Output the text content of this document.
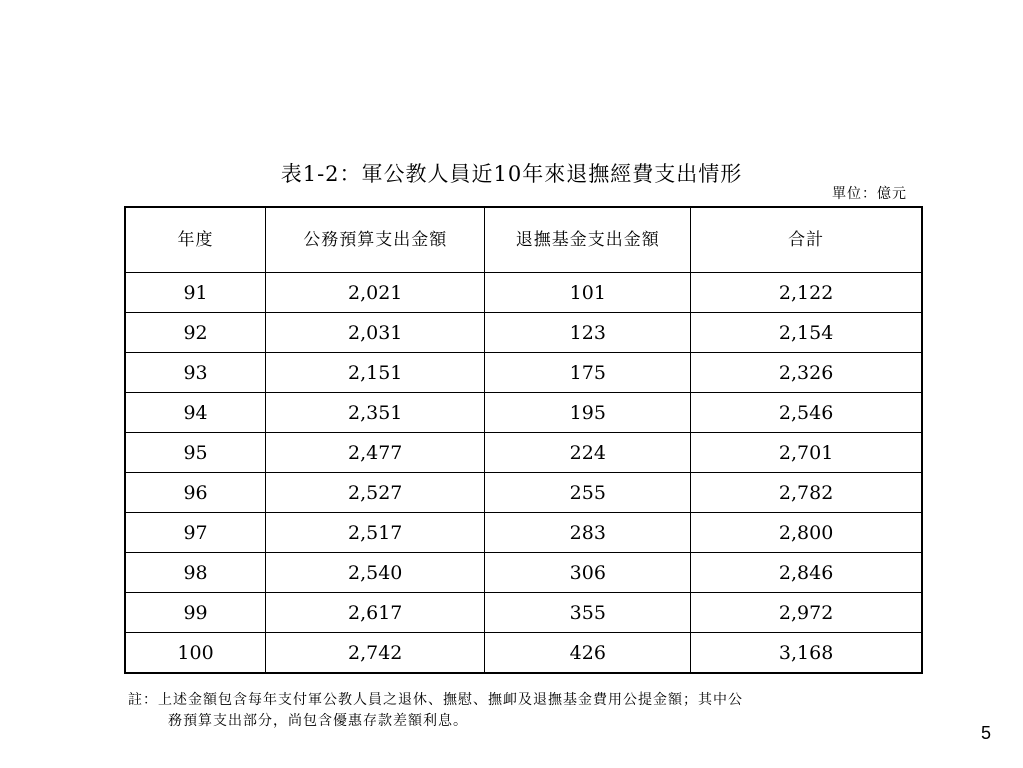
表1-2：軍公教人員近10年來退撫經費支出情形
單位：億元
年度	公務預算支出金額	退撫基金支出金額	合計
91	2,021	101	2,122
92	2,031	123	2,154
93	2,151	175	2,326
94	2,351	195	2,546
95	2,477	224	2,701
96	2,527	255	2,782
97	2,517	283	2,800
98	2,540	306	2,846
99	2,617	355	2,972
100	2,742	426	3,168
註：上述金額包含每年支付軍公教人員之退休、撫慰、撫卹及退撫基金費用公提金額；其中公
務預算支出部分，尚包含優惠存款差額利息。
5
